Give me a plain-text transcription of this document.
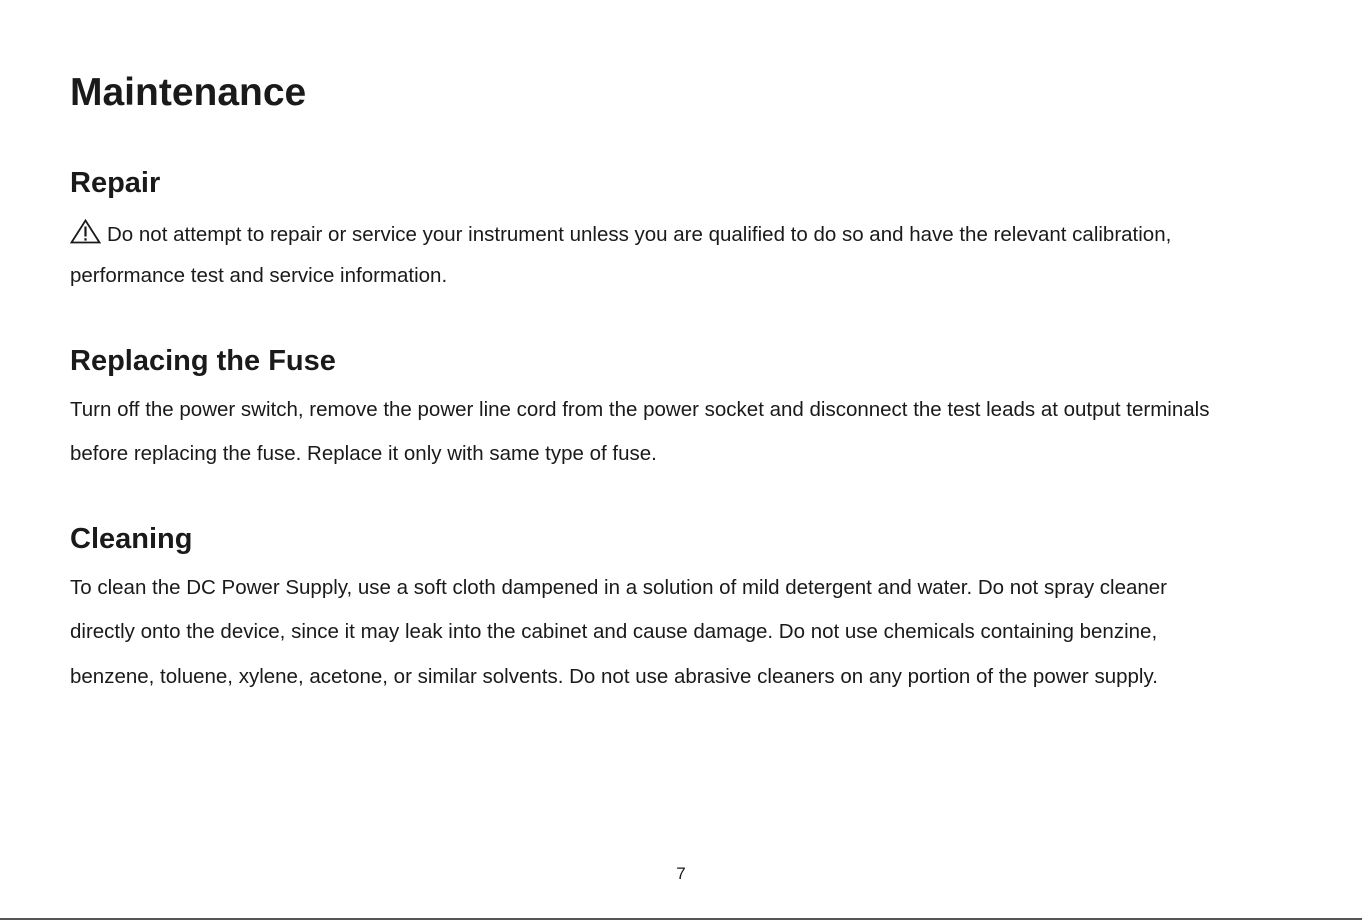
Maintenance
Repair
Do not attempt to repair or service your instrument unless you are qualified to do so and have the relevant calibration,
performance test and service information.
Replacing the Fuse
Turn off the power switch, remove the power line cord from the power socket and disconnect the test leads at output terminals
before replacing the fuse. Replace it only with same type of fuse.
Cleaning
To clean the DC Power Supply, use a soft cloth dampened in a solution of mild detergent and water. Do not spray cleaner
directly onto the device, since it may leak into the cabinet and cause damage. Do not use chemicals containing benzine,
benzene, toluene, xylene, acetone, or similar solvents. Do not use abrasive cleaners on any portion of the power supply.
7
